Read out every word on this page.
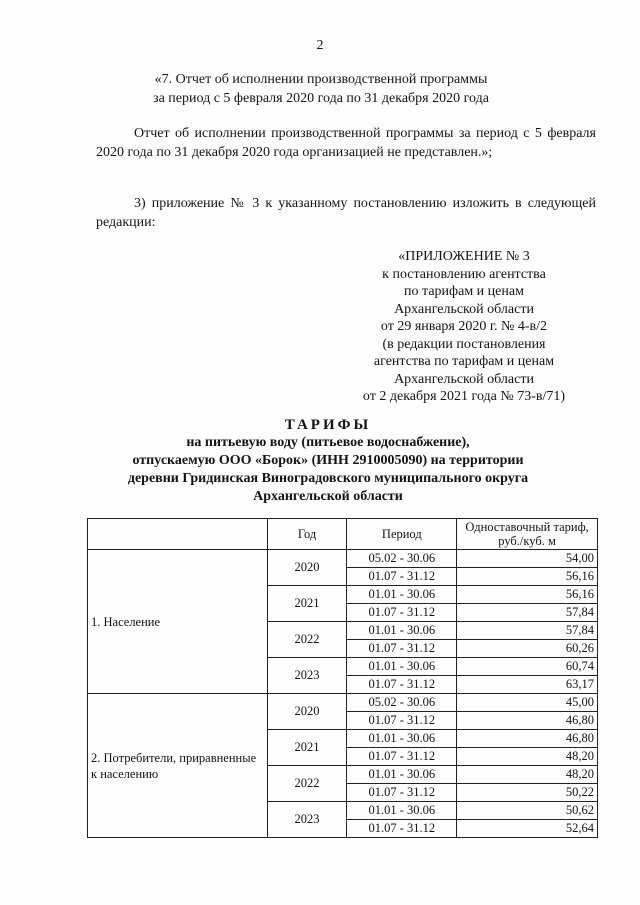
2
«7. Отчет об исполнении производственной программы
за период с 5 февраля 2020 года по 31 декабря 2020 года
Отчет об исполнении производственной программы за период с 5 февраля 2020 года по 31 декабря 2020 года организацией не представлен.»;
3) приложение № 3 к указанному постановлению изложить в следующей редакции:
«ПРИЛОЖЕНИЕ № 3
к постановлению агентства
по тарифам и ценам
Архангельской области
от 29 января 2020 г. № 4-в/2
(в редакции постановления
агентства по тарифам и ценам
Архангельской области
от 2 декабря 2021 года № 73-в/71)
ТАРИФЫ
на питьевую воду (питьевое водоснабжение),
отпускаемую ООО «Борок» (ИНН 2910005090) на территории
деревни Гридинская Виноградовского муниципального округа
Архангельской области
	Год	Период	Одноставочный тариф, руб./куб. м
1. Население	2020	05.02 - 30.06	54,00
		01.07 - 31.12	56,16
	2021	01.01 - 30.06	56,16
		01.07 - 31.12	57,84
	2022	01.01 - 30.06	57,84
		01.07 - 31.12	60,26
	2023	01.01 - 30.06	60,74
		01.07 - 31.12	63,17
2. Потребители, приравненные к населению	2020	05.02 - 30.06	45,00
		01.07 - 31.12	46,80
	2021	01.01 - 30.06	46,80
		01.07 - 31.12	48,20
	2022	01.01 - 30.06	48,20
		01.07 - 31.12	50,22
	2023	01.01 - 30.06	50,62
		01.07 - 31.12	52,64
